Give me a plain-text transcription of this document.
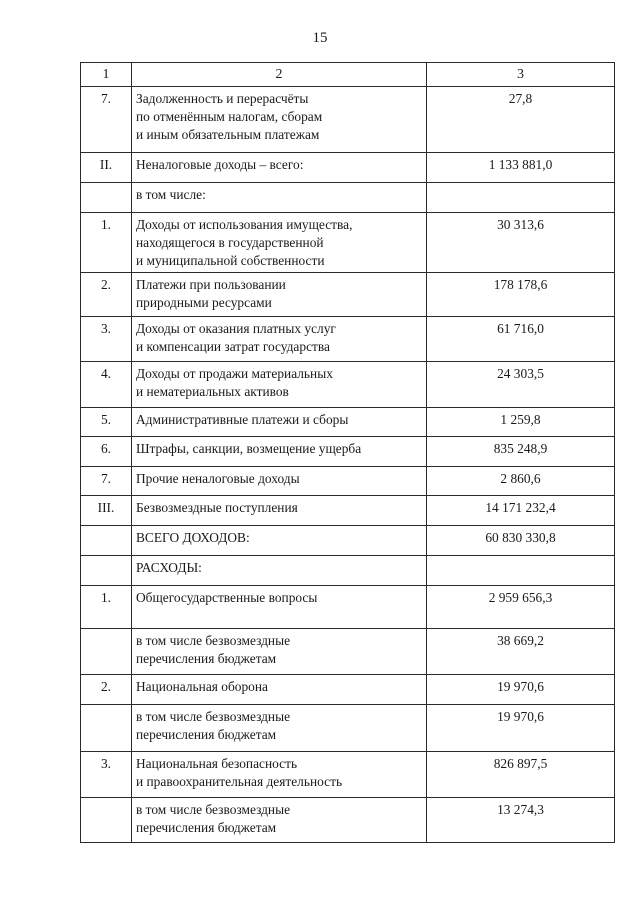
15
1	2	3
7.	Задолженность и перерасчёты
по отменённым налогам, сборам
и иным обязательным платежам	27,8
II.	Неналоговые доходы – всего:	1 133 881,0

	в том числе:	

1.	Доходы от использования имущества,
находящегося в государственной
и муниципальной собственности	30 313,6
2.	Платежи при пользовании
природными ресурсами	178 178,6
3.	Доходы от оказания платных услуг
и компенсации затрат государства	61 716,0
4.	Доходы от продажи материальных
и нематериальных активов	24 303,5
5.	Административные платежи и сборы	1 259,8
6.	Штрафы, санкции, возмещение ущерба	835 248,9
7.	Прочие неналоговые доходы	2 860,6
III.	Безвозмездные поступления	14 171 232,4

	ВСЕГО ДОХОДОВ:	60 830 330,8

	РАСХОДЫ:	

1.	Общегосударственные вопросы	2 959 656,3

	в том числе безвозмездные
перечисления бюджетам	38 669,2
2.	Национальная оборона	19 970,6

	в том числе безвозмездные
перечисления бюджетам	19 970,6
3.	Национальная безопасность
и правоохранительная деятельность	826 897,5

	в том числе безвозмездные
перечисления бюджетам	13 274,3
